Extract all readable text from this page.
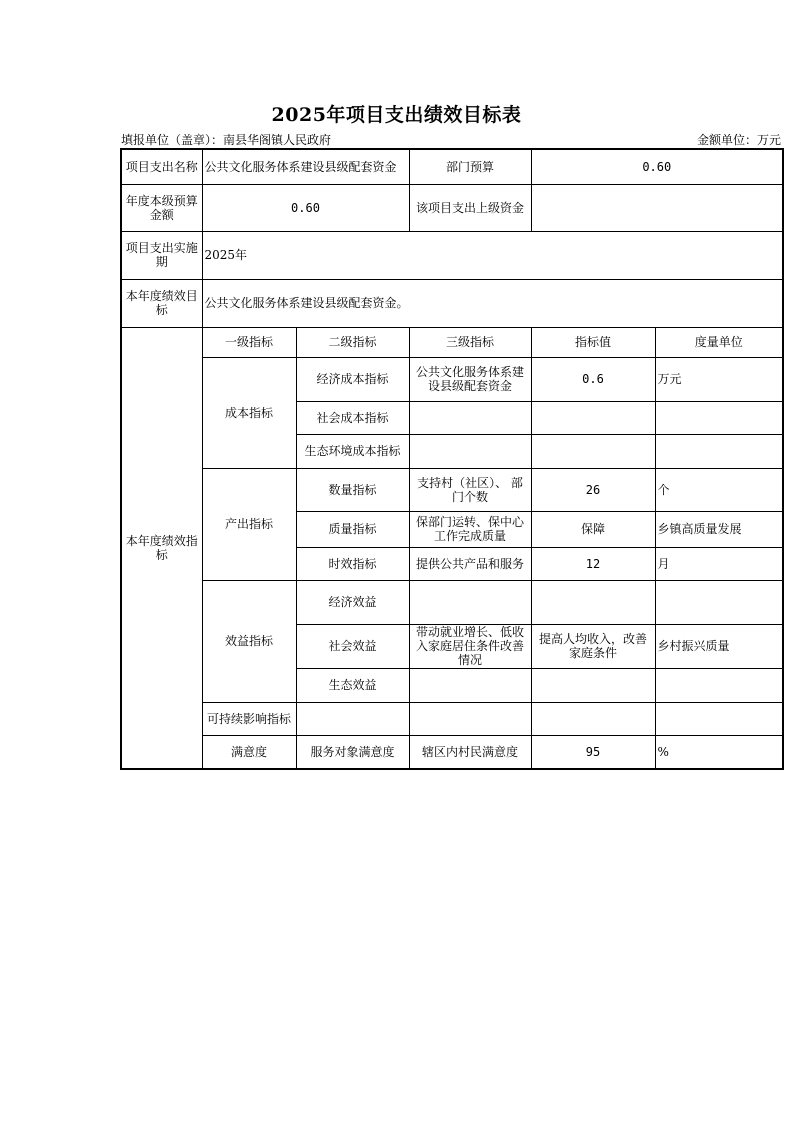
2025年项目支出绩效目标表
填报单位（盖章）：南县华阁镇人民政府	金额单位：万元
项目支出名称	公共文化服务体系建设县级配套资金		部门预算	0.60	
年度本级预算金额	0.60		该项目支出上级资金		
项目支出实施期	2025年				
本年度绩效目标	公共文化服务体系建设县级配套资金。				
本年度绩效指标	一级指标	二级指标	三级指标	指标值	度量单位
	成本指标	经济成本指标	公共文化服务体系建设县级配套资金	0.6	万元
		社会成本指标			
		生态环境成本指标			
	产出指标	数量指标	支持村（社区）、 部门个数	26	个
		质量指标	保部门运转、保中心工作完成质量	保障	乡镇高质量发展
		时效指标	提供公共产品和服务	12	月
	效益指标	经济效益			
		社会效益	带动就业增长、低收入家庭居住条件改善情况	提高人均收入，改善家庭条件	乡村振兴质量
		生态效益			
	可持续影响指标				
	满意度	服务对象满意度	辖区内村民满意度	95	%
